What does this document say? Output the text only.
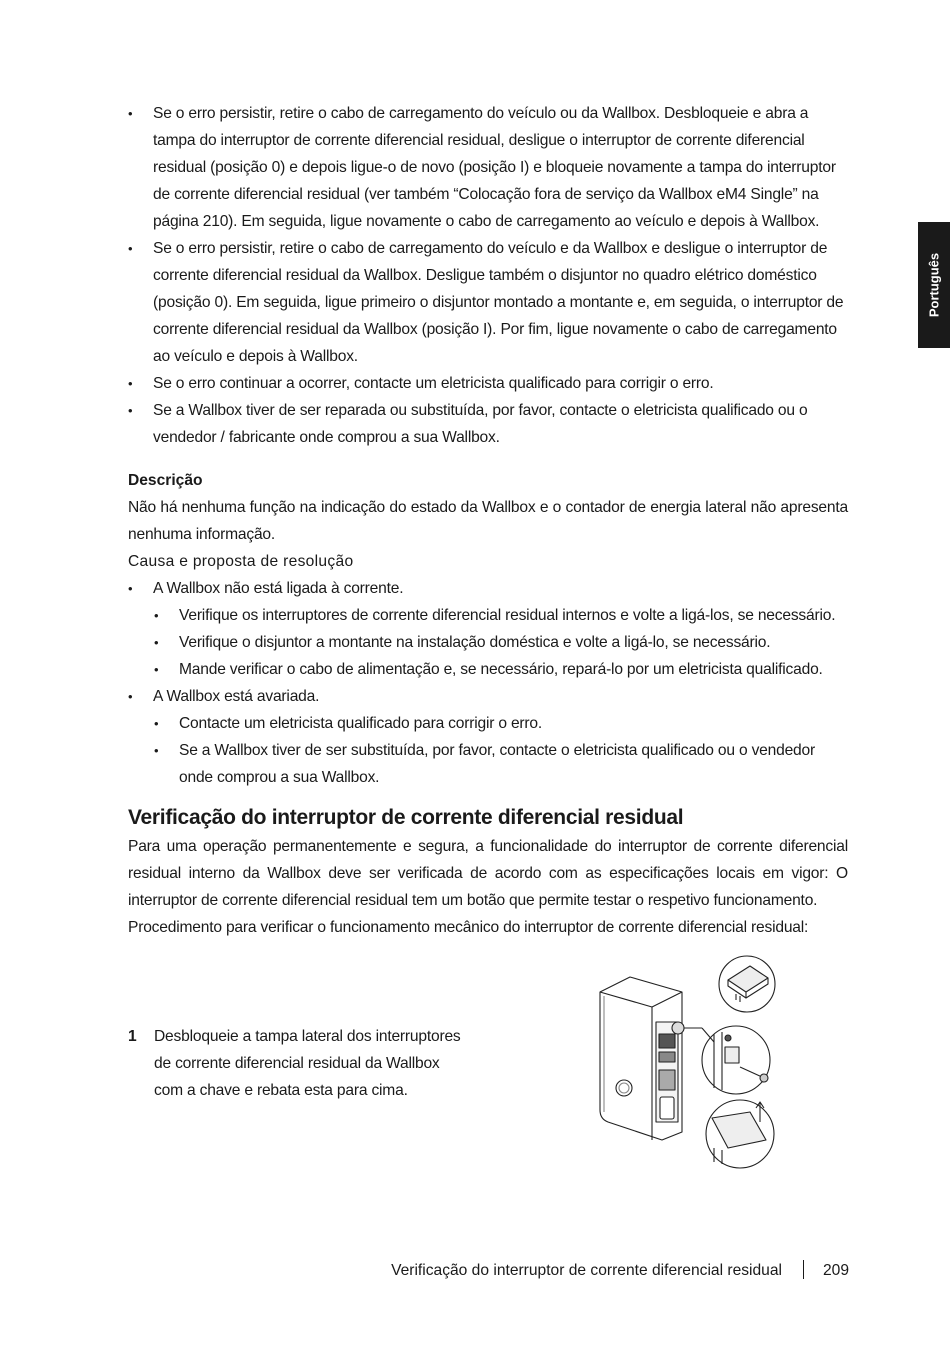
Português
• Se o erro persistir, retire o cabo de carregamento do veículo ou da Wallbox. Desbloqueie e abra a tampa do interruptor de corrente diferencial residual, desligue o interruptor de corrente diferencial residual (posição 0) e depois ligue-o de novo (posição I) e bloqueie novamente a tampa do interruptor de corrente diferencial residual (ver também “Colocação fora de serviço da Wallbox eM4 Single” na página 210). Em seguida, ligue novamente o cabo de carregamento ao veículo e depois à Wallbox.
• Se o erro persistir, retire o cabo de carregamento do veículo e da Wallbox e desligue o interruptor de corrente diferencial residual da Wallbox. Desligue também o disjuntor no quadro elétrico doméstico (posição 0). Em seguida, ligue primeiro o disjuntor montado a montante e, em seguida, o interruptor de corrente diferencial residual da Wallbox (posição I). Por fim, ligue novamente o cabo de carregamento ao veículo e depois à Wallbox.
• Se o erro continuar a ocorrer, contacte um eletricista qualificado para corrigir o erro.
• Se a Wallbox tiver de ser reparada ou substituída, por favor, contacte o eletricista qualificado ou o vendedor / fabricante onde comprou a sua Wallbox.
Descrição
Não há nenhuma função na indicação do estado da Wallbox e o contador de energia lateral não apresenta nenhuma informação.
Causa e proposta de resolução
• A Wallbox não está ligada à corrente.
• Verifique os interruptores de corrente diferencial residual internos e volte a ligá-los, se necessário.
• Verifique o disjuntor a montante na instalação doméstica e volte a ligá-lo, se necessário.
• Mande verificar o cabo de alimentação e, se necessário, repará-lo por um eletricista qualificado.
• A Wallbox está avariada.
• Contacte um eletricista qualificado para corrigir o erro.
• Se a Wallbox tiver de ser substituída, por favor, contacte o eletricista qualificado ou o vendedor onde comprou a sua Wallbox.
Verificação do interruptor de corrente diferencial residual
Para uma operação permanentemente e segura, a funcionalidade do interruptor de corrente diferencial residual interno da Wallbox deve ser verificada de acordo com as especificações locais em vigor: O interruptor de corrente diferencial residual tem um botão que permite testar o respetivo funcionamento.
Procedimento para verificar o funcionamento mecânico do interruptor de corrente diferencial residual:
1 Desbloqueie a tampa lateral dos interruptores de corrente diferencial residual da Wallbox com a chave e rebata esta para cima.
Verificação do interruptor de corrente diferencial residual	209
